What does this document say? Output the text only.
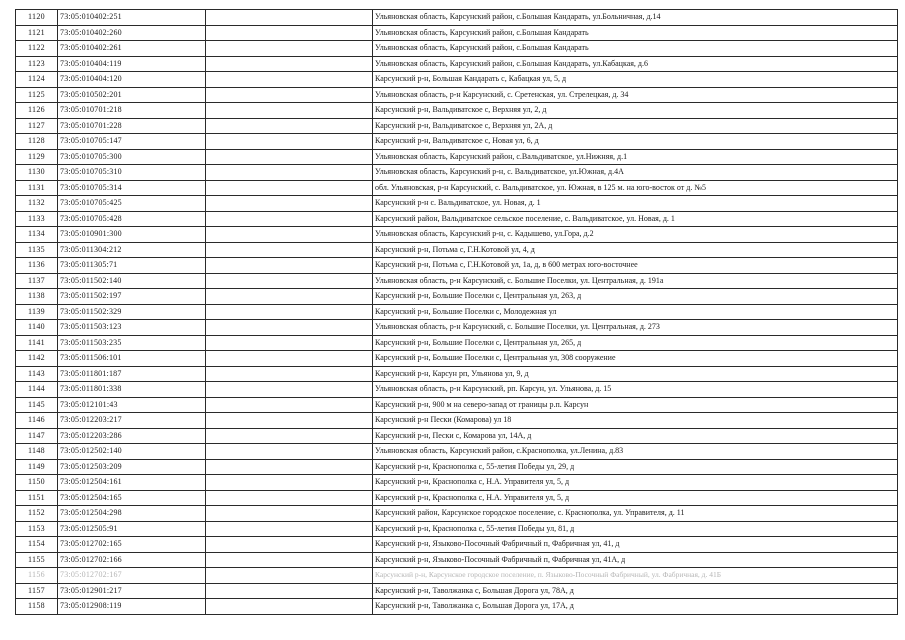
1120	73:05:010402:251		Ульяновская область, Карсунский район, с.Большая Кандарать, ул.Больничная, д.14
1121	73:05:010402:260		Ульяновская область, Карсунский район, с.Большая Кандарать
1122	73:05:010402:261		Ульяновская область, Карсунский район, с.Большая Кандарать
1123	73:05:010404:119		Ульяновская область, Карсунский район, с.Большая Кандарать, ул.Кабацкая, д.6
1124	73:05:010404:120		Карсунский р-н, Большая Кандарать с, Кабацкая ул, 5, д
1125	73:05:010502:201		Ульяновская область, р-н Карсунский, с. Сретенская, ул. Стрелецкая, д. 34
1126	73:05:010701:218		Карсунский р-н, Вальдиватское с, Верхняя ул, 2, д
1127	73:05:010701:228		Карсунский р-н, Вальдиватское с, Верхняя ул, 2А, д
1128	73:05:010705:147		Карсунский р-н, Вальдиватское с, Новая ул, 6, д
1129	73:05:010705:300		Ульяновская область, Карсунский район, с.Вальдиватское, ул.Нижняя, д.1
1130	73:05:010705:310		Ульяновская область, Карсунский р-н, с. Вальдиватское, ул.Южная, д.4А
1131	73:05:010705:314		обл. Ульяновская, р-н Карсунский, с. Вальдиватское, ул. Южная, в 125 м. на юго-восток от д. №5
1132	73:05:010705:425		Карсунский р-н с. Вальдиватское, ул. Новая, д. 1
1133	73:05:010705:428		Карсунский район, Вальдиватское сельское поселение, с. Вальдиватское, ул. Новая, д. 1
1134	73:05:010901:300		Ульяновская область, Карсунский р-н, с. Кадышево, ул.Гора, д.2
1135	73:05:011304:212		Карсунский р-н, Потьма с, Г.Н.Котовой ул, 4, д
1136	73:05:011305:71		Карсунский р-н, Потьма с, Г.Н.Котовой ул, 1а, д, в 600 метрах юго-восточнее
1137	73:05:011502:140		Ульяновская область, р-н Карсунский, с. Большие Поселки, ул. Центральная, д. 191а
1138	73:05:011502:197		Карсунский р-н, Большие Поселки с, Центральная ул, 263, д
1139	73:05:011502:329		Карсунский р-н, Большие Поселки с, Молодежная ул
1140	73:05:011503:123		Ульяновская область, р-н Карсунский, с. Большие Поселки, ул. Центральная, д. 273
1141	73:05:011503:235		Карсунский р-н, Большие Поселки с, Центральная ул, 265, д
1142	73:05:011506:101		Карсунский р-н, Большие Поселки с, Центральная ул, 308 сооружение
1143	73:05:011801:187		Карсунский р-н, Карсун рп, Ульянова ул, 9, д
1144	73:05:011801:338		Ульяновская область, р-н Карсунский, рп. Карсун, ул. Ульянова, д. 15
1145	73:05:012101:43		Карсунский р-н, 900 м на северо-запад от границы р.п. Карсун
1146	73:05:012203:217		Карсунский р-н Пески (Комарова) ул 18
1147	73:05:012203:286		Карсунский р-н, Пески с, Комарова ул, 14А, д
1148	73:05:012502:140		Ульяновская область, Карсунский район, с.Краснополка, ул.Ленина, д.83
1149	73:05:012503:209		Карсунский р-н, Краснополка с, 55-летия Победы ул, 29, д
1150	73:05:012504:161		Карсунский р-н, Краснополка с, Н.А. Управителя ул, 5, д
1151	73:05:012504:165		Карсунский р-н, Краснополка с, Н.А. Управителя ул, 5, д
1152	73:05:012504:298		Карсунский район, Карсунское городское поселение, с. Краснополка, ул. Управителя, д. 11
1153	73:05:012505:91		Карсунский р-н, Краснополка с, 55-летия Победы ул, 81, д
1154	73:05:012702:165		Карсунский р-н, Языково-Посочный Фабричный п, Фабричная ул, 41, д
1155	73:05:012702:166		Карсунский р-н, Языково-Посочный Фабричный п, Фабричная ул, 41А, д
1156	73:05:012702:167		Карсунский р-н, Карсунское городское поселение, п. Языково-Посочный Фабричный, ул. Фабричная, д. 41Б
1157	73:05:012901:217		Карсунский р-н, Таволжанка с, Большая Дорога ул, 78А, д
1158	73:05:012908:119		Карсунский р-н, Таволжанка с, Большая Дорога ул, 17А, д
